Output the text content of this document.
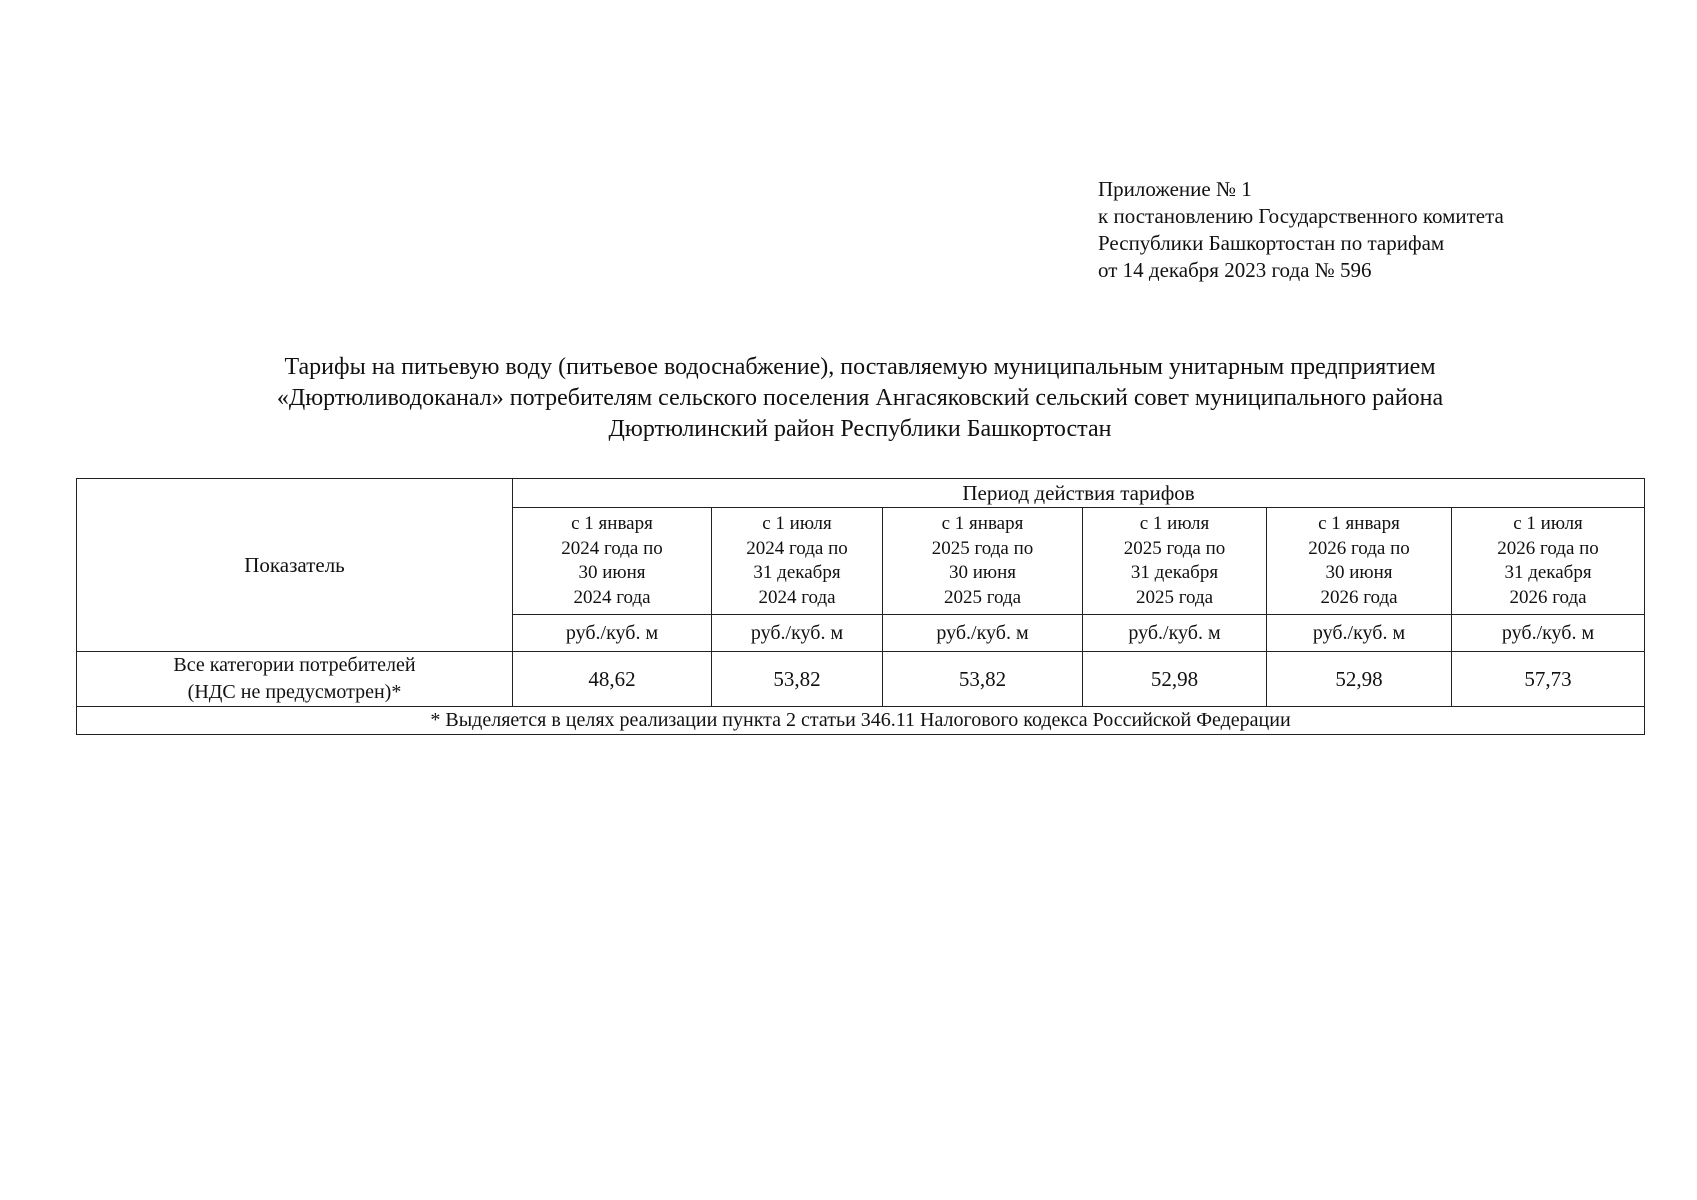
Приложение № 1
к постановлению Государственного комитета
Республики Башкортостан по тарифам
от 14 декабря 2023 года № 596
Тарифы на питьевую воду (питьевое водоснабжение), поставляемую муниципальным унитарным предприятием
«Дюртюливодоканал» потребителям сельского поселения Ангасяковский сельский совет муниципального района
Дюртюлинский район Республики Башкортостан
Показатель	Период действия тарифов					

	с 1 января
2024 года по
30 июня
2024 года	с 1 июля
2024 года по
31 декабря
2024 года	с 1 января
2025 года по
30 июня
2025 года	с 1 июля
2025 года по
31 декабря
2025 года	с 1 января
2026 года по
30 июня
2026 года	с 1 июля
2026 года по
31 декабря
2026 года

	руб./куб. м	руб./куб. м	руб./куб. м	руб./куб. м	руб./куб. м	руб./куб. м

Все категории потребителей
(НДС не предусмотрен)*	48,62	53,82	53,82	52,98	52,98	57,73
* Выделяется в целях реализации пункта 2 статьи 346.11 Налогового кодекса Российской Федерации						
